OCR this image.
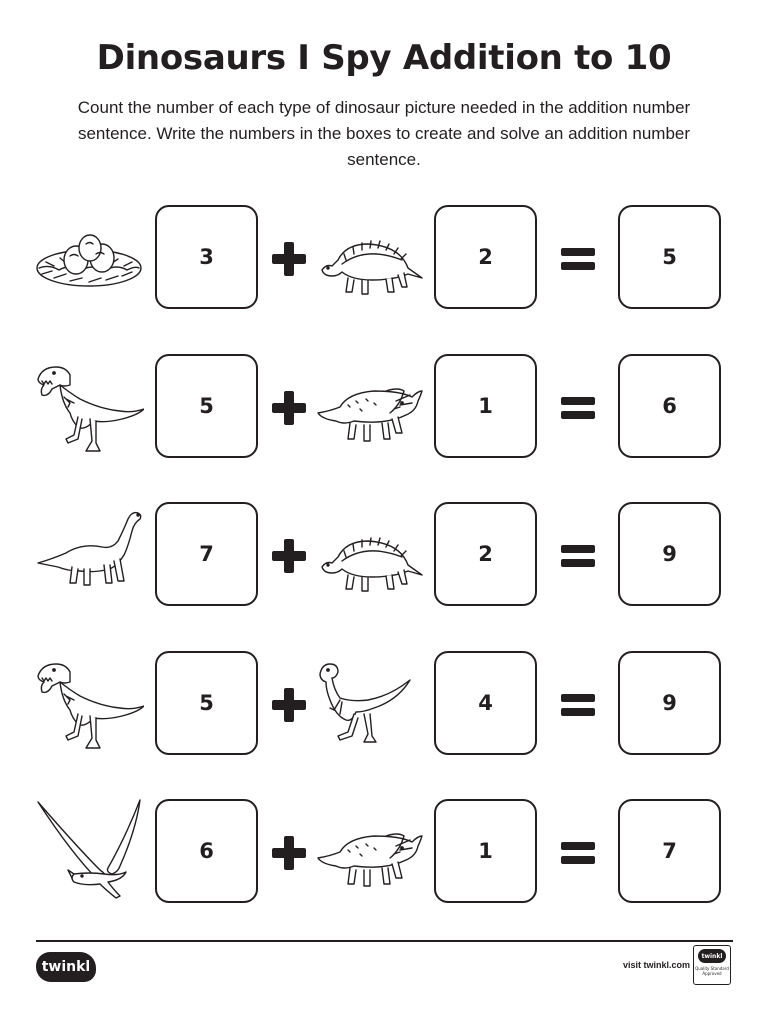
Dinosaurs I Spy Addition to 10
Count the number of each type of dinosaur picture needed in the addition number sentence. Write the numbers in the boxes to create and solve an addition number sentence.
3	2	5
5	1	6
7	2	9
5	4	9
6	1	7
twinkl	visit twinkl.com
twinkl
Quality Standard Approved
